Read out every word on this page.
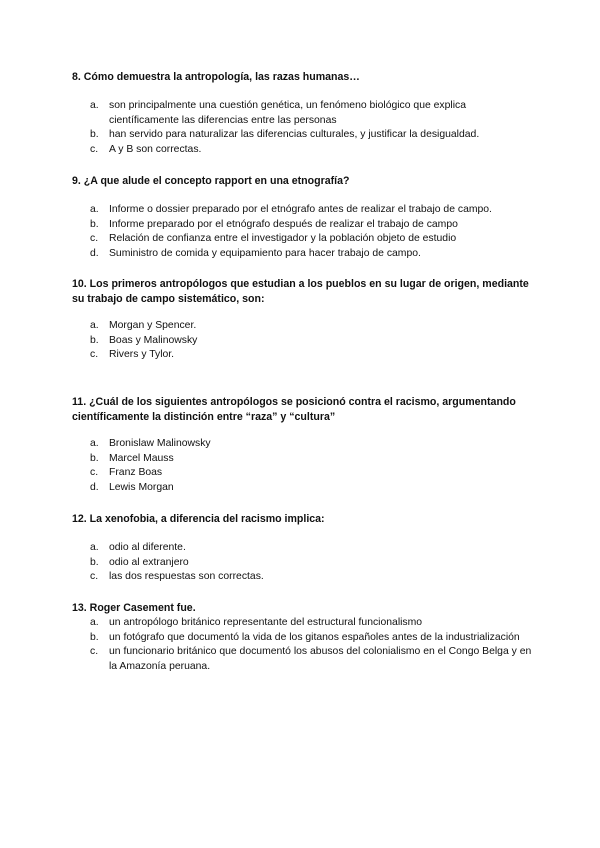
8. Cómo demuestra la antropología, las razas humanas…

a. son principalmente una cuestión genética, un fenómeno biológico que explica científicamente las diferencias entre las personas
b. han servido para naturalizar las diferencias culturales, y justificar la desigualdad.
c. A y B son correctas.

9. ¿A que alude el concepto rapport en una etnografía?

a. Informe o dossier preparado por el etnógrafo antes de realizar el trabajo de campo.
b. Informe preparado por el etnógrafo después de realizar el trabajo de campo
c. Relación de confianza entre el investigador y la población objeto de estudio
d. Suministro de comida y equipamiento para hacer trabajo de campo.

10. Los primeros antropólogos que estudian a los pueblos en su lugar de origen, mediante su trabajo de campo sistemático, son:

a. Morgan y Spencer.
b. Boas y Malinowsky
c. Rivers y Tylor.

11. ¿Cuál de los siguientes antropólogos se posicionó contra el racismo, argumentando científicamente la distinción entre “raza” y “cultura”

a. Bronislaw Malinowsky
b. Marcel Mauss
c. Franz Boas
d. Lewis Morgan

12. La xenofobia, a diferencia del racismo implica:

a. odio al diferente.
b. odio al extranjero
c. las dos respuestas son correctas.

13. Roger Casement fue.

a. un antropólogo británico representante del estructural funcionalismo
b. un fotógrafo que documentó la vida de los gitanos españoles antes de la industrialización
c. un funcionario británico que documentó los abusos del colonialismo en el Congo Belga y en la Amazonía peruana.
